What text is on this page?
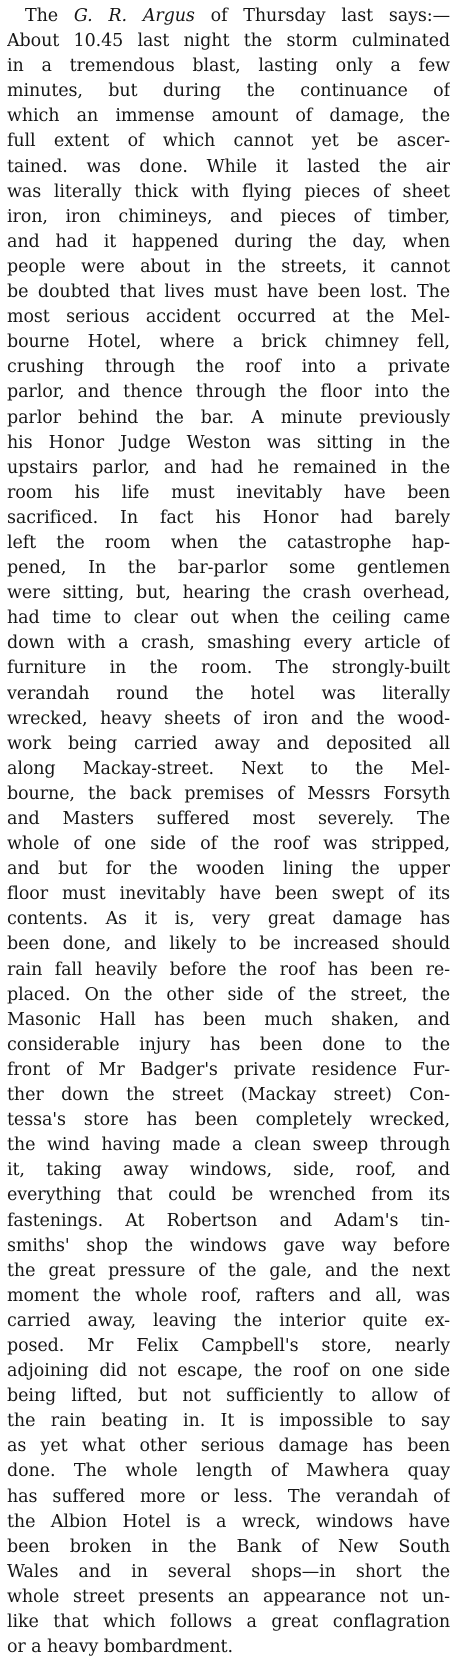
The G. R. Argus of Thursday last says:—
About 10.45 last night the storm culminated
in a tremendous blast, lasting only a few
minutes, but during the continuance of
which an immense amount of damage, the
full extent of which cannot yet be ascer-
tained. was done. While it lasted the air
was literally thick with flying pieces of sheet
iron, iron chimineys, and pieces of timber,
and had it happened during the day, when
people were about in the streets, it cannot
be doubted that lives must have been lost. The
most serious accident occurred at the Mel-
bourne Hotel, where a brick chimney fell,
crushing through the roof into a private
parlor, and thence through the floor into the
parlor behind the bar. A minute previously
his Honor Judge Weston was sitting in the
upstairs parlor, and had he remained in the
room his life must inevitably have been
sacrificed. In fact his Honor had barely
left the room when the catastrophe hap-
pened, In the bar-parlor some gentlemen
were sitting, but, hearing the crash overhead,
had time to clear out when the ceiling came
down with a crash, smashing every article of
furniture in the room. The strongly-built
verandah round the hotel was literally
wrecked, heavy sheets of iron and the wood-
work being carried away and deposited all
along Mackay-street. Next to the Mel-
bourne, the back premises of Messrs Forsyth
and Masters suffered most severely. The
whole of one side of the roof was stripped,
and but for the wooden lining the upper
floor must inevitably have been swept of its
contents. As it is, very great damage has
been done, and likely to be increased should
rain fall heavily before the roof has been re-
placed. On the other side of the street, the
Masonic Hall has been much shaken, and
considerable injury has been done to the
front of Mr Badger's private residence Fur-
ther down the street (Mackay street) Con-
tessa's store has been completely wrecked,
the wind having made a clean sweep through
it, taking away windows, side, roof, and
everything that could be wrenched from its
fastenings. At Robertson and Adam's tin-
smiths' shop the windows gave way before
the great pressure of the gale, and the next
moment the whole roof, rafters and all, was
carried away, leaving the interior quite ex-
posed. Mr Felix Campbell's store, nearly
adjoining did not escape, the roof on one side
being lifted, but not sufficiently to allow of
the rain beating in. It is impossible to say
as yet what other serious damage has been
done. The whole length of Mawhera quay
has suffered more or less. The verandah of
the Albion Hotel is a wreck, windows have
been broken in the Bank of New South
Wales and in several shops—in short the
whole street presents an appearance not un-
like that which follows a great conflagration
or a heavy bombardment.
